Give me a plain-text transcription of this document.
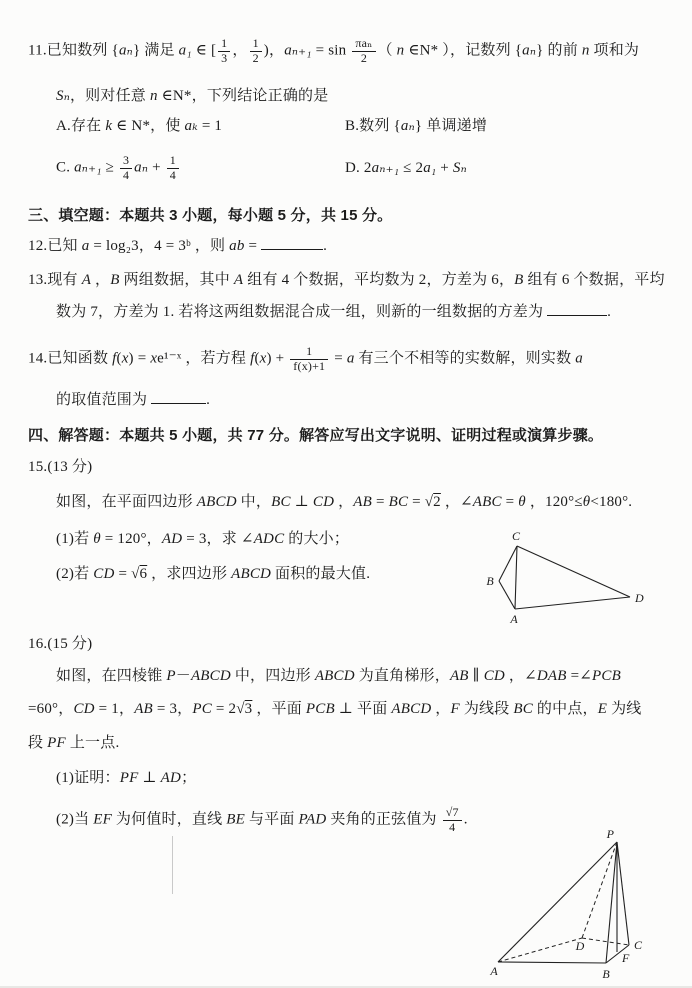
11.已知数列 {aₙ} 满足 a₁ ∈ [ $\frac{1}{3}$ ， $\frac{1}{2}$ )，$a_{n+1} = \sin \frac{\text{πaₙ}}{2}$ （ n ∈N* ），记数列 {aₙ} 的前 n 项和为
Sₙ，则对任意 n ∈N*，下列结论正确的是
A.存在 k ∈ N*，使 aₖ = 1	B.数列 {aₙ} 单调递增
C. $a_{n+1} \ge \frac{3}{4}$ $a_n + \frac{1}{4}$	D. 2aₙ₊₁ ≤ 2a₁ + Sₙ
三、填空题：本题共 3 小题，每小题 5 分，共 15 分。
12.已知 a = log₂3，4 = 3ᵇ ，则 ab =	.
13.现有 A ，B 两组数据，其中 A 组有 4 个数据，平均数为 2，方差为 6，B 组有 6 个数据，平均
数为 7，方差为 1. 若将这两组数据混合成一组，则新的一组数据的方差为	.
14.已知函数 f(x) = xe¹⁻ˣ ，若方程 $f(x) + \frac{1}{f(x)+1} = a$ 有三个不相等的实数解，则实数 a
的取值范围为	.
四、解答题：本题共 5 小题，共 77 分。解答应写出文字说明、证明过程或演算步骤。
15.(13 分)
如图，在平面四边形 ABCD 中，BC ⊥ CD ，AB = BC = √2 ，∠ABC = θ ，120°≤θ<180°.
(1)若 θ = 120°，AD = 3，求 ∠ADC 的大小；
(2)若 CD = √6 ，求四边形 ABCD 面积的最大值.
C
B
A
D
16.(15 分)
如图，在四棱锥 P－ABCD 中，四边形 ABCD 为直角梯形，AB ∥ CD ，∠DAB =∠PCB
=60°，CD = 1，AB = 3，PC = 2√3 ，平面 PCB ⊥ 平面 ABCD ，F 为线段 BC 的中点，E 为线
段 PF 上一点.
(1)证明：PF ⊥ AD；
(2)当 EF 为何值时，直线 BE 与平面 PAD 夹角的正弦值为 $\frac{√7}{4}$ .
P
A	B
C
D
F
